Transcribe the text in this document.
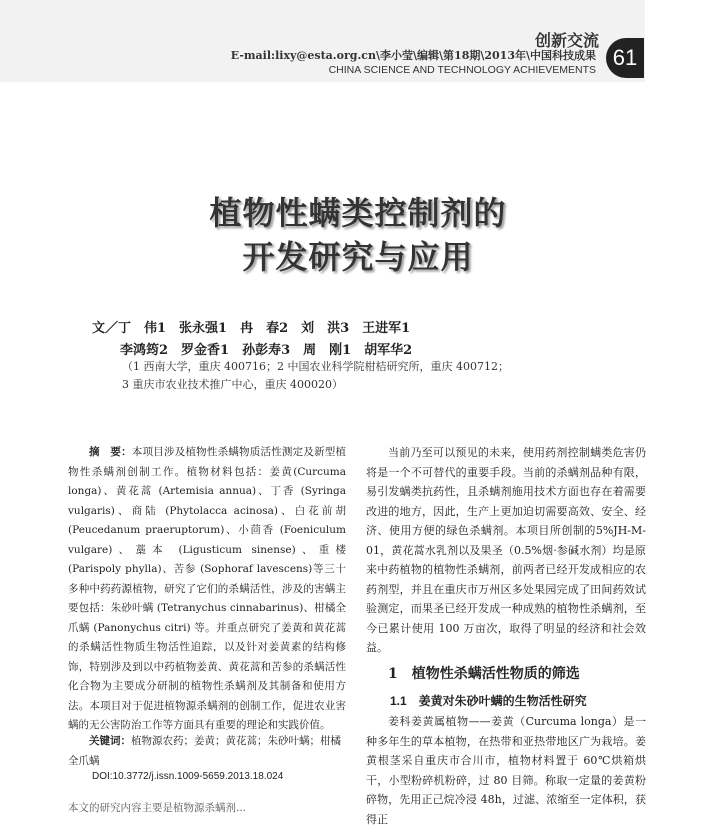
创新交流
E-mail:lixy@esta.org.cn\李小莹\编辑\第18期\2013年\中国科技成果
CHINA SCIENCE AND TECHNOLOGY ACHIEVEMENTS 61
植物性螨类控制剂的
开发研究与应用
文／丁　伟1　张永强1　冉　春2　刘　洪3　王进军1
李鸿筠2　罗金香1　孙彭寿3　周　刚1　胡军华2
（1 西南大学，重庆 400716；2 中国农业科学院柑桔研究所，重庆 400712；
3 重庆市农业技术推广中心，重庆 400020）

摘　要：本项目涉及植物性杀螨物质活性测定及新型植物性杀螨剂创制工作。植物材料包括：姜黄(Curcuma longa)、黄花蒿 (Artemisia annua)、丁香 (Syringa vulgaris)、商陆 (Phytolacca acinosa)、白花前胡 (Peucedanum praeruptorum)、小茴香 (Foeniculum vulgare)、藁本 (Ligusticum sinense)、重楼 (Parispoly phylla)、苦参 (Sophoraf lavescens)等三十多种中药药源植物，研究了它们的杀螨活性，涉及的害螨主要包括：朱砂叶螨 (Tetranychus cinnabarinus)、柑橘全爪螨 (Panonychus citri) 等。并重点研究了姜黄和黄花蒿的杀螨活性物质生物活性追踪，以及针对姜黄素的结构修饰，特别涉及到以中药植物姜黄、黄花蒿和苦参的杀螨活性化合物为主要成分研制的植物性杀螨剂及其制备和使用方法。本项目对于促进植物源杀螨剂的创制工作，促进农业害螨的无公害防治工作等方面具有重要的理论和实践价值。

关键词：植物源农药；姜黄；黄花蒿；朱砂叶螨；柑橘全爪螨

DOI:10.3772/j.issn.1009-5659.2013.18.024
本文的研究内容主要是植物源杀螨剂...

当前乃至可以预见的未来，使用药剂控制螨类危害仍将是一个不可替代的重要手段。当前的杀螨剂品种有限，易引发螨类抗药性，且杀螨剂施用技术方面也存在着需要改进的地方，因此，生产上更加迫切需要高效、安全、经济、使用方便的绿色杀螨剂。本项目所创制的5%JH-M-01，黄花蒿水乳剂以及果圣（0.5%烟·参碱水剂）均是原来中药植物的植物性杀螨剂，前两者已经开发成相应的农药剂型，并且在重庆市万州区多处果园完成了田间药效试验测定，而果圣已经开发成一种成熟的植物性杀螨剂，至今已累计使用 100 万亩次，取得了明显的经济和社会效益。

1　植物性杀螨活性物质的筛选
1.1　姜黄对朱砂叶螨的生物活性研究

姜科姜黄属植物——姜黄（Curcuma longa）是一种多年生的草本植物，在热带和亚热带地区广为栽培。姜黄根茎采自重庆市合川市，植物材料置于 60℃烘箱烘干，小型粉碎机粉碎，过 80 目筛。称取一定量的姜黄粉碎物，先用正己烷冷浸 48h，过滤、浓缩至一定体积，获得正
